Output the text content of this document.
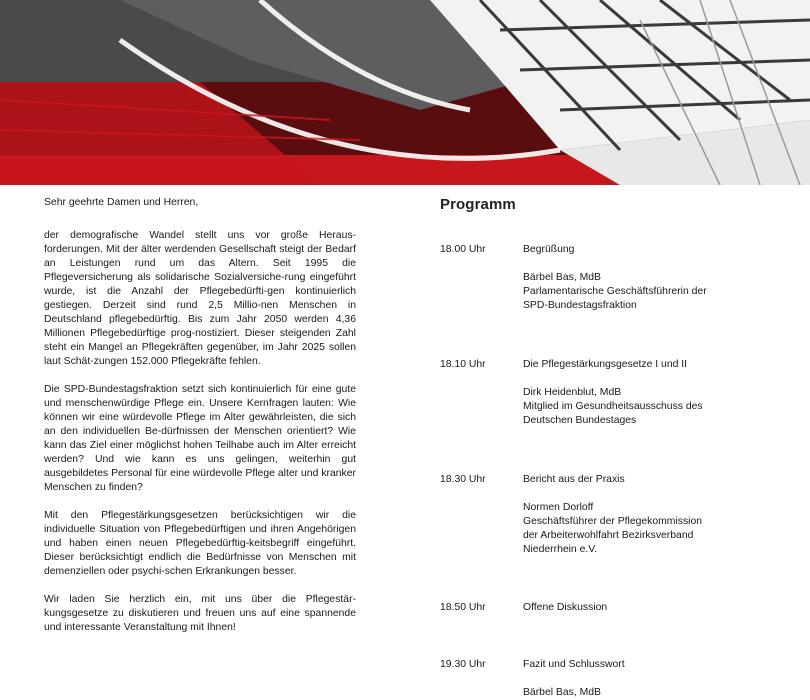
Sehr geehrte Damen und Herren,

der demografische Wandel stellt uns vor große Heraus-forderungen. Mit der älter werdenden Gesellschaft steigt der Bedarf an Leistungen rund um das Altern. Seit 1995 die Pflegeversicherung als solidarische Sozialversiche-rung eingeführt wurde, ist die Anzahl der Pflegebedürfti-gen kontinuierlich gestiegen. Derzeit sind rund 2,5 Millio-nen Menschen in Deutschland pflegebedürftig. Bis zum Jahr 2050 werden 4,36 Millionen Pflegebedürftige prog-nostiziert. Dieser steigenden Zahl steht ein Mangel an Pflegekräften gegenüber, im Jahr 2025 sollen laut Schät-zungen 152.000 Pflegekräfte fehlen.

Die SPD-Bundestagsfraktion setzt sich kontinuierlich für eine gute und menschenwürdige Pflege ein. Unsere Kernfragen lauten: Wie können wir eine würdevolle Pflege im Alter gewährleisten, die sich an den individuellen Be-dürfnissen der Menschen orientiert? Wie kann das Ziel einer möglichst hohen Teilhabe auch im Alter erreicht werden? Und wie kann es uns gelingen, weiterhin gut ausgebildetes Personal für eine würdevolle Pflege alter und kranker Menschen zu finden?

Mit den Pflegestärkungsgesetzen berücksichtigen wir die individuelle Situation von Pflegebedürftigen und ihren Angehörigen und haben einen neuen Pflegebedürftig-keitsbegriff eingeführt. Dieser berücksichtigt endlich die Bedürfnisse von Menschen mit demenziellen oder psychi-schen Erkrankungen besser.

Wir laden Sie herzlich ein, mit uns über die Pflegestär-kungsgesetze zu diskutieren und freuen uns auf eine spannende und interessante Veranstaltung mit Ihnen!

Programm
18.00 Uhr	Begrüßung
Bärbel Bas, MdB
Parlamentarische Geschäftsführerin der
SPD-Bundestagsfraktion
18.10 Uhr	Die Pflegestärkungsgesetze I und II
Dirk Heidenblut, MdB
Mitglied im Gesundheitsausschuss des
Deutschen Bundestages
18.30 Uhr	Bericht aus der Praxis
Normen Dorloff
Geschäftsführer der Pflegekommission
der Arbeiterwohlfahrt Bezirksverband
Niederrhein e.V.
18.50 Uhr	Offene Diskussion
19.30 Uhr	Fazit und Schlusswort
Bärbel Bas, MdB
